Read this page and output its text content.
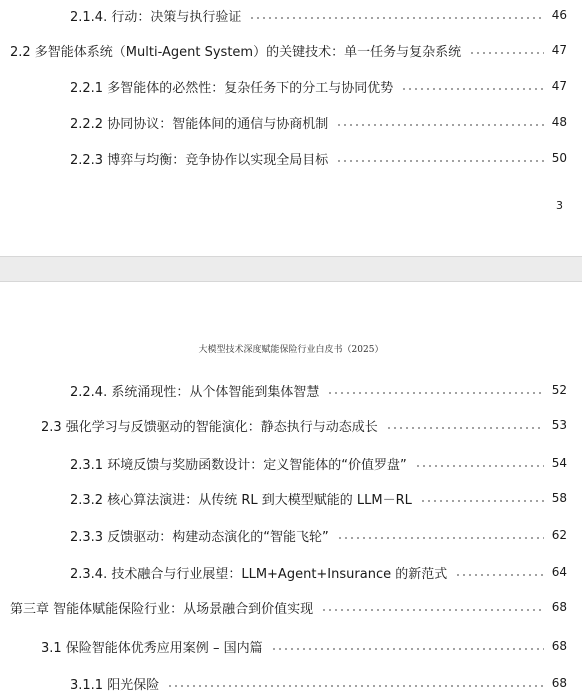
2.1.4. 行动：决策与执行验证	46
2.2 多智能体系统（Multi-Agent System）的关键技术：单一任务与复杂系统	47
2.2.1 多智能体的必然性：复杂任务下的分工与协同优势	47
2.2.2 协同协议：智能体间的通信与协商机制	48
2.2.3 博弈与均衡：竞争协作以实现全局目标	50
3
大模型技术深度赋能保险行业白皮书（2025）
2.2.4. 系统涌现性：从个体智能到集体智慧	52
2.3 强化学习与反馈驱动的智能演化：静态执行与动态成长	53
2.3.1 环境反馈与奖励函数设计：定义智能体的“价值罗盘”	54
2.3.2 核心算法演进：从传统 RL 到大模型赋能的 LLM－RL	58
2.3.3 反馈驱动：构建动态演化的“智能飞轮”	62
2.3.4. 技术融合与行业展望：LLM+Agent+Insurance 的新范式	64
第三章 智能体赋能保险行业：从场景融合到价值实现	68
3.1 保险智能体优秀应用案例 – 国内篇	68
3.1.1 阳光保险	68
